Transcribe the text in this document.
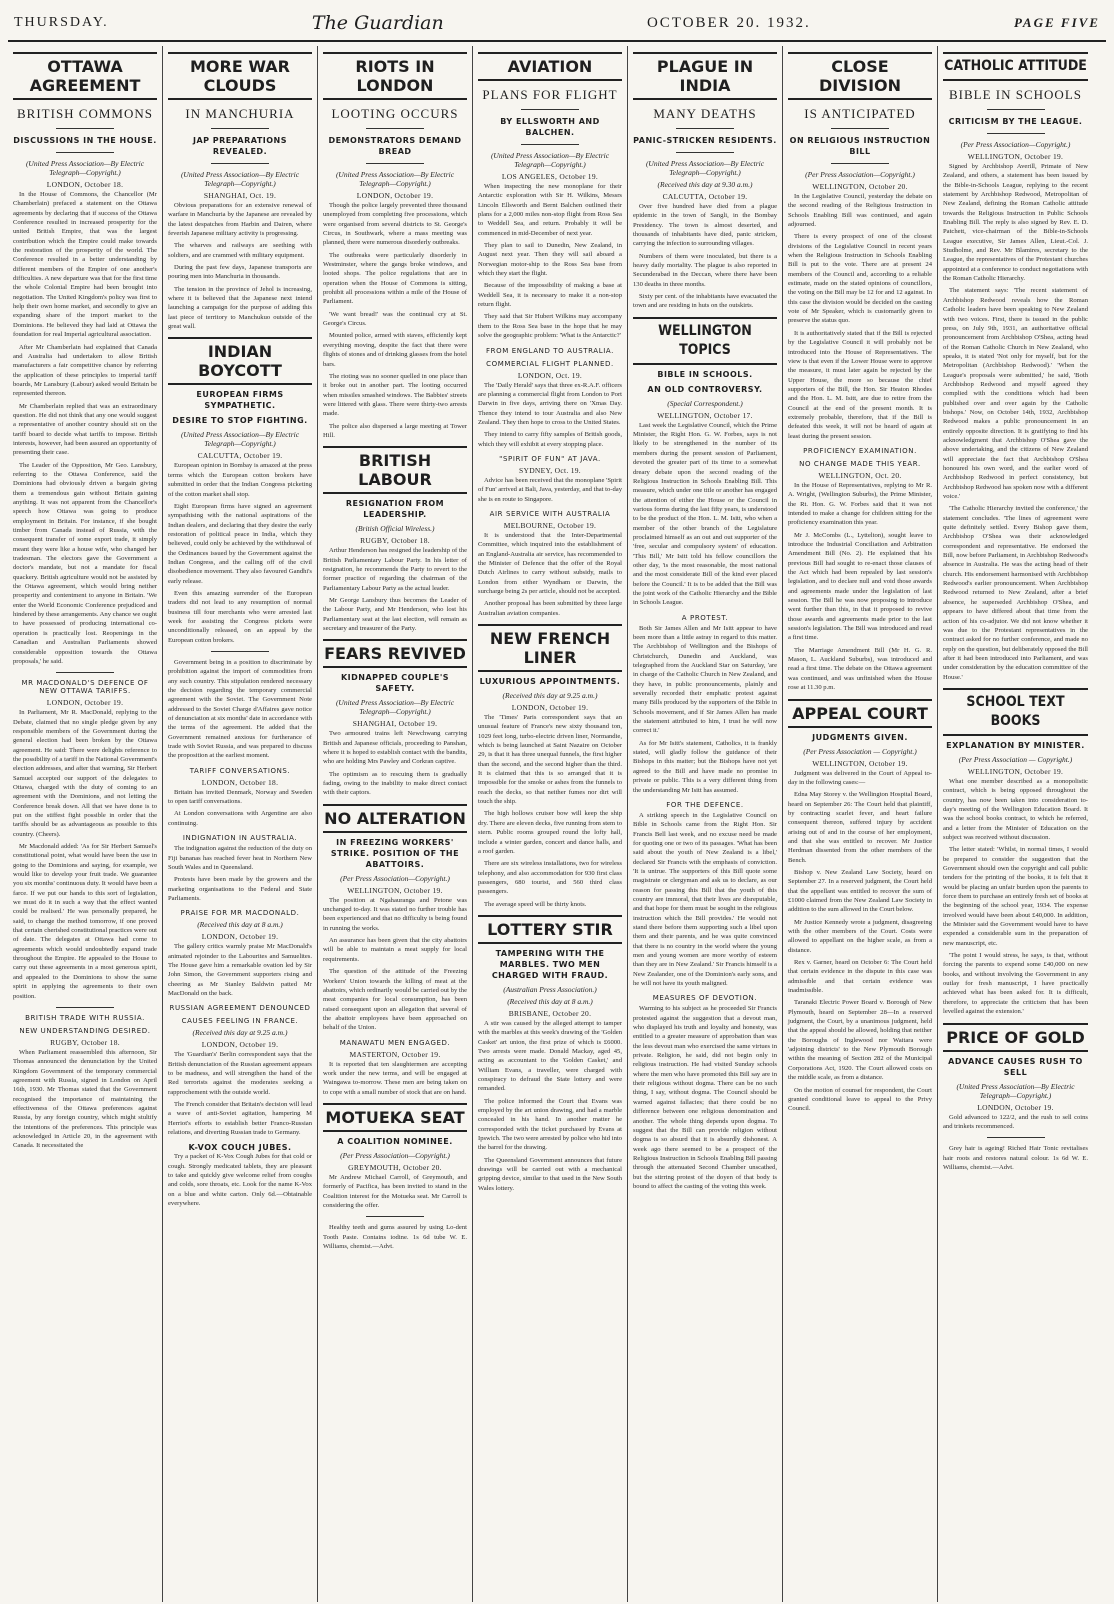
THURSDAY.	The Guardian	OCTOBER 20. 1932.	PAGE FIVE
OTTAWA AGREEMENT
BRITISH COMMONS
DISCUSSIONS IN THE HOUSE.
(United Press Association—By Electric Telegraph—Copyright.)
LONDON, October 18.

In the House of Commons, the Chancellor (Mr Chamberlain) prefaced a statement on the Ottawa agreements by declaring that if success of the Ottawa Conference resulted in increased prosperity for the united British Empire, that was the largest contribution which the Empire could make towards the restoration of the prosperity of the world. The Conference resulted in a better understanding by different members of the Empire of one another's difficulties. A new departure was that for the first time the whole Colonial Empire had been brought into negotiation. The United Kingdom's policy was first to help their own home market, and secondly to give an expanding share of the import market to the Dominions. He believed they had laid at Ottawa the foundation for real Imperial agricultural association.

After Mr Chamberlain had explained that Canada and Australia had undertaken to allow British manufacturers a fair competitive chance by referring the application of these principles to imperial tariff boards, Mr Lansbury (Labour) asked would Britain be represented thereon.

Mr Chamberlain replied that was an extraordinary question. He did not think that any one would suggest a representative of another country should sit on the tariff board to decide what tariffs to impose. British interests, however, had been assured an opportunity of presenting their case.

The Leader of the Opposition, Mr Geo. Lansbury, referring to the Ottawa Conference, said the Dominions had obviously driven a bargain giving them a tremendous gain without Britain gaining anything. It was not apparent from the Chancellor's speech how Ottawa was going to produce employment in Britain. For instance, if she bought timber from Canada instead of Russia, with the consequent transfer of some export trade, it simply meant they were like a house wife, who changed her tradesman. The electors gave the Government a doctor's mandate, but not a mandate for fiscal quackery. British agriculture would not be assisted by the Ottawa agreement, which would bring neither prosperity and contentment to anyone in Britain. 'We enter the World Economic Conference prejudiced and hindered by these arrangements. Any chance we ought to have possessed of producing international co-operation is practically lost. Reopenings in the Canadian and Australian Parliaments showed considerable opposition towards the Ottawa proposals,' he said.

MR MACDONALD'S DEFENCE OF NEW OTTAWA TARIFFS.
LONDON, October 19.

In Parliament, Mr R. MacDonald, replying to the Debate, claimed that no single pledge given by any responsible members of the Government during the general election had been broken by the Ottawa agreement. He said: There were delights reference to the possibility of a tariff in the National Government's election addresses, and after that warning, Sir Herbert Samuel accepted our support of the delegates to Ottawa, charged with the duty of coming to an agreement with the Dominions, and not letting the Conference break down. All that we have done is to put on the stiffest fight possible in order that the tariffs should be as advantageous as possible to this country. (Cheers).

Mr Macdonald added: 'As for Sir Herbert Samuel's constitutional point, what would have been the use in going to the Dominions and saying, for example, we would like to develop your fruit trade. We guarantee you six months' continuous duty. It would have been a farce. If we put our hands to this sort of legislation, we must do it in such a way that the effect wanted could be realised.' He was personally prepared, he said, to change the method tomorrow, if one proved that certain cherished constitutional practices were out of date. The delegates at Ottawa had come to agreements which would undoubtedly expand trade throughout the Empire. He appealed to the House to carry out these agreements in a most generous spirit, and appealed to the Dominions to show the same spirit in applying the agreements to their own position.

BRITISH TRADE WITH RUSSIA.
NEW UNDERSTANDING DESIRED.
RUGBY, October 18.

When Parliament reassembled this afternoon, Sir Thomas announced the denunciation by the United Kingdom Government of the temporary commercial agreement with Russia, signed in London on April 16th, 1930. Mr Thomas stated that the Government recognised the importance of maintaining the effectiveness of the Ottawa preferences against Russia, by any foreign country, which might stultify the intentions of the preferences. This principle was acknowledged in Article 20, in the agreement with Canada. It necessitated the

MORE WAR CLOUDS
IN MANCHURIA
JAP PREPARATIONS REVEALED.
(United Press Association—By Electric Telegraph—Copyright.)
SHANGHAI, Oct. 19.

Obvious preparations for an extensive renewal of warfare in Manchuria by the Japanese are revealed by the latest despatches from Harbin and Dairen, where feverish Japanese military activity is progressing.

The wharves and railways are seething with soldiers, and are crammed with military equipment.

During the past few days, Japanese transports are pouring men into Manchuria in thousands.

The tension in the province of Jehol is increasing, where it is believed that the Japanese next intend launching a campaign for the purpose of adding this last piece of territory to Manchukuo outside of the great wall.

INDIAN BOYCOTT
EUROPEAN FIRMS SYMPATHETIC.
DESIRE TO STOP FIGHTING.
(United Press Association—By Electric Telegraph—Copyright.)
CALCUTTA, October 19.

European opinion in Bombay is amazed at the press terms which the European cotton brokers have submitted in order that the Indian Congress picketing of the cotton market shall stop.

Eight European firms have signed an agreement sympathising with the national aspirations of the Indian dealers, and declaring that they desire the early restoration of political peace in India, which they believed, could only be achieved by the withdrawal of the Ordinances issued by the Government against the Indian Congress, and the calling off of the civil disobedience movement. They also favoured Gandhi's early release.

Even this amazing surrender of the European traders did not lead to any resumption of normal business till four merchants who were arrested last week for assisting the Congress pickets were unconditionally released, on an appeal by the European cotton brokers.

Government being in a position to discriminate by prohibition against the import of commodities from any such country. This stipulation rendered necessary the decision regarding the temporary commercial agreement with the Soviet. The Government Note addressed to the Soviet Charge d'Affaires gave notice of denunciation at six months' date in accordance with the terms of the agreement. He added that the Government remained anxious for furtherance of trade with Soviet Russia, and was prepared to discuss the proposition at the earliest moment.

TARIFF CONVERSATIONS.
LONDON, October 18.

Britain has invited Denmark, Norway and Sweden to open tariff conversations.

At London conversations with Argentine are also continuing.

INDIGNATION IN AUSTRALIA.

The indignation against the reduction of the duty on Fiji bananas has reached fever heat in Northern New South Wales and in Queensland.

Protests have been made by the growers and the marketing organisations to the Federal and State Parliaments.

PRAISE FOR MR MACDONALD.
(Received this day at 8 a.m.)
LONDON, October 19.

The gallery critics warmly praise Mr MacDonald's animated rejoinder to the Labourites and Samuelites. The House gave him a remarkable ovation led by Sir John Simon, the Government supporters rising and cheering as Mr Stanley Baldwin patted Mr MacDonald on the back.

RUSSIAN AGREEMENT DENOUNCED
CAUSES FEELING IN FRANCE.
(Received this day at 9.25 a.m.)
LONDON, October 19.

The 'Guardian's' Berlin correspondent says that the British denunciation of the Russian agreement appears to be madness, and will strengthen the hand of the Red terrorists against the moderates seeking a rapprochement with the outside world.

The French consider that Britain's decision will lead a wave of anti-Soviet agitation, hampering M Herriot's efforts to establish better Franco-Russian relations, and diverting Russian trade to Germany.

K-VOX COUCH JUBES.

Try a packet of K-Vox Cough Jubes for that cold or cough. Strongly medicated tablets, they are pleasant to take and quickly give welcome relief from coughs and colds, sore throats, etc. Look for the name K-Vox on a blue and white carton. Only 6d.—Obtainable everywhere.

RIOTS IN LONDON
LOOTING OCCURS
DEMONSTRATORS DEMAND BREAD
(United Press Association—By Electric Telegraph—Copyright.)
LONDON, October 19.

Though the police largely prevented three thousand unemployed from completing five processions, which were organised from several districts to St. George's Circus, in Southwark, where a mass meeting was planned, there were numerous disorderly outbreaks.

The outbreaks were particularly disorderly in Westminster, where the gangs broke windows, and looted shops. The police regulations that are in operation when the House of Commons is sitting, prohibit all processions within a mile of the House of Parliament.

'We want bread!' was the continual cry at St. George's Circus.

Mounted police, armed with staves, efficiently kept everything moving, despite the fact that there were flights of stones and of drinking glasses from the hotel bars.

The rioting was no sooner quelled in one place than it broke out in another part. The looting occurred when missiles smashed windows. The Babbies' streets were littered with glass. There were thirty-two arrests made.

The police also dispersed a large meeting at Tower Hill.

BRITISH LABOUR
RESIGNATION FROM LEADERSHIP.
(British Official Wireless.)
RUGBY, October 18.

Arthur Henderson has resigned the leadership of the British Parliamentary Labour Party. In his letter of resignation, he recommends the Party to revert to the former practice of regarding the chairman of the Parliamentary Labour Party as the actual leader.

Mr George Lansbury thus becomes the Leader of the Labour Party, and Mr Henderson, who lost his Parliamentary seat at the last election, will remain as secretary and treasurer of the Party.

FEARS REVIVED
KIDNAPPED COUPLE'S SAFETY.
(United Press Association—By Electric Telegraph—Copyright.)
SHANGHAI, October 19.

Two armoured trains left Newchwang carrying British and Japanese officials, proceeding to Panshan, where it is hoped to establish contact with the bandits, who are holding Mrs Pawley and Corkran captive.

The optimism as to rescuing them is gradually fading, owing to the inability to make direct contact with their captors.

NO ALTERATION
IN FREEZING WORKERS' STRIKE. POSITION OF THE ABATTOIRS.
(Per Press Association—Copyright.)
WELLINGTON, October 19.

The position at Ngahauranga and Petone was unchanged to-day. It was stated no further trouble has been experienced and that no difficulty is being found in running the works.

An assurance has been given that the city abattoirs will be able to maintain a meat supply for local requirements.

The question of the attitude of the Freezing Workers' Union towards the killing of meat at the abattoirs, which ordinarily would be carried out by the meat companies for local consumption, has been raised consequent upon an allegation that several of the abattoir employees have been approached on behalf of the Union.

MANAWATU MEN ENGAGED.
MASTERTON, October 19.

It is reported that ten slaughtermen are accepting work under the new terms, and will be engaged at Waingawa to-morrow. These men are being taken on to cope with a small number of stock that are on hand.

MOTUEKA SEAT
A COALITION NOMINEE.
(Per Press Association—Copyright.)
GREYMOUTH, October 20.

Mr Andrew Michael Carroll, of Greymouth, and formerly of Pacifica, has been invited to stand in the Coalition interest for the Motueka seat. Mr Carroll is considering the offer.

Healthy teeth and gums assured by using Lo-dent Tooth Paste. Contains iodine. 1s 6d tube W. E. Williams, chemist.—Advt.

AVIATION
PLANS FOR FLIGHT
BY ELLSWORTH AND BALCHEN.
(United Press Association—By Electric Telegraph—Copyright.)
LOS ANGELES, October 19.

When inspecting the new monoplane for their Antarctic exploration with Sir H. Wilkins, Messrs Lincoln Ellsworth and Bernt Balchen outlined their plans for a 2,000 miles non-stop flight from Ross Sea to Weddell Sea, and return. Probably it will be commenced in mid-December of next year.

They plan to sail to Dunedin, New Zealand, in August next year. Then they will sail aboard a Norwegian motor-ship to the Ross Sea base from which they start the flight.

Because of the impossibility of making a base at Weddell Sea, it is necessary to make it a non-stop return flight.

They said that Sir Hubert Wilkins may accompany them to the Ross Sea base in the hope that he may solve the geographic problem: 'What is the Antarctic?'

FROM ENGLAND TO AUSTRALIA.
COMMERCIAL FLIGHT PLANNED.
LONDON, Oct. 19.

The 'Daily Herald' says that three ex-R.A.F. officers are planning a commercial flight from London to Port Darwin in five days, arriving there on 'Xmas Day. Thence they intend to tour Australia and also New Zealand. They then hope to cross to the United States.

They intend to carry fifty samples of British goods, which they will exhibit at every stopping place.

"SPIRIT OF FUN" AT JAVA.
SYDNEY, Oct. 19.

Advice has been received that the monoplane 'Spirit of Fun' arrived at Bali, Java, yesterday, and that to-day she is en route to Singapore.

AIR SERVICE WITH AUSTRALIA
MELBOURNE, October 19.

It is understood that the Inter-Departmental Committee, which inquired into the establishment of an England-Australia air service, has recommended to the Minister of Defence that the offer of the Royal Dutch Airlines to carry without subsidy, mails to London from either Wyndham or Darwin, the surcharge being 2s per article, should not be accepted.

Another proposal has been submitted by three large Australian aviation companies.

NEW FRENCH LINER
LUXURIOUS APPOINTMENTS.
(Received this day at 9.25 a.m.)
LONDON, October 19.

The 'Times' Paris correspondent says that an unusual feature of France's new sixty thousand ton, 1029 feet long, turbo-electric driven liner, Normandie, which is being launched at Saint Nazaire on October 29, is that it has three unequal funnels, the first higher than the second, and the second higher than the third. It is claimed that this is so arranged that it is impossible for the smoke or ashes from the funnels to reach the decks, so that neither fumes nor dirt will touch the ship.

The high hollows cruiser bow will keep the ship dry. There are eleven decks, five running from stem to stern. Public rooms grouped round the lofty hall, include a winter garden, concert and dance halls, and a roof garden.

There are six wireless installations, two for wireless telephony, and also accommodation for 930 first class passengers, 680 tourist, and 560 third class passengers.

The average speed will be thirty knots.

LOTTERY STIR
TAMPERING WITH THE MARBLES. TWO MEN CHARGED WITH FRAUD.
(Australian Press Association.)
(Received this day at 8 a.m.)
BRISBANE, October 20.

A stir was caused by the alleged attempt to tamper with the marbles at this week's drawing of the 'Golden Casket' art union, the first prize of which is £6000. Two arrests were made. Donald Mackay, aged 45, acting as accountant to the 'Golden Casket,' and William Evans, a traveller, were charged with conspiracy to defraud the State lottery and were remanded.

The police informed the Court that Evans was employed by the art union drawing, and had a marble concealed in his hand. In another matter he corresponded with the ticket purchased by Evans at Ipswich. The two were arrested by police who hid into the barrel for the drawing.

The Queensland Government announces that future drawings will be carried out with a mechanical gripping device, similar to that used in the New South Wales lottery.

PLAGUE IN INDIA
MANY DEATHS
PANIC-STRICKEN RESIDENTS.
(United Press Association—By Electric Telegraph—Copyright.)
(Received this day at 9.30 a.m.)
CALCUTTA, October 19.

Over five hundred have died from a plague epidemic in the town of Sangli, in the Bombay Presidency. The town is almost deserted, and thousands of inhabitants have died, panic stricken, carrying the infection to surrounding villages.

Numbers of them were inoculated, but there is a heavy daily mortality. The plague is also reported in Secunderabad in the Deccan, where there have been 130 deaths in three months.

Sixty per cent. of the inhabitants have evacuated the town and are residing in huts on the outskirts.

WELLINGTON TOPICS
BIBLE IN SCHOOLS.
AN OLD CONTROVERSY.
(Special Correspondent.)
WELLINGTON, October 17.

Last week the Legislative Council, which the Prime Minister, the Right Hon. G. W. Forbes, says is not likely to be strengthened in the number of its members during the present session of Parliament, devoted the greater part of its time to a somewhat dreary debate upon the second reading of the Religious Instruction in Schools Enabling Bill. This measure, which under one title or another has engaged the attention of either the House or the Council in various forms during the last fifty years, is understood to be the product of the Hon. L. M. Isitt, who when a member of the other branch of the Legislature proclaimed himself as an out and out supporter of the 'free, secular and compulsory system' of education. 'This Bill,' Mr Isitt told his fellow councillors the other day, 'is the most reasonable, the most national and the most considerate Bill of the kind ever placed before the Council.' It is to be added that the Bill was the joint work of the Catholic Hierarchy and the Bible in Schools League.

A PROTEST.

Both Sir James Allen and Mr Isitt appear to have been more than a little astray in regard to this matter. The Archbishop of Wellington and the Bishops of Christchurch, Dunedin and Auckland, was telegraphed from the Auckland Star on Saturday, 'are in charge of the Catholic Church in New Zealand, and they have, in public pronouncements, plainly and severally recorded their emphatic protest against many Bills produced by the supporters of the Bible in Schools movement, and if Sir James Allen has made the statement attributed to him, I trust he will now correct it.'

As for Mr Isitt's statement, Catholics, it is frankly stated, will gladly follow the guidance of their Bishops in this matter; but the Bishops have not yet agreed to the Bill and have made no promise in private or public. This is a very different thing from the understanding Mr Isitt has assumed.

FOR THE DEFENCE.

A striking speech in the Legislative Council on Bible in Schools came from the Right Hon. Sir Francis Bell last week, and no excuse need be made for quoting one or two of its passages. 'What has been said about the youth of New Zealand is a libel,' declared Sir Francis with the emphasis of conviction. 'It is untrue. The supporters of this Bill quote some magistrate or clergyman and ask us to declare, as our reason for passing this Bill that the youth of this country are immoral, that their lives are disreputable, and that hope for them must be sought in the religious instruction which the Bill provides.' He would not stand there before them supporting such a libel upon them and their parents, and he was quite convinced that there is no country in the world where the young men and young women are more worthy of esteem than they are in New Zealand.' Sir Francis himself is a New Zealander, one of the Dominion's early sons, and he will not have its youth maligned.

MEASURES OF DEVOTION.

Warming to his subject as he proceeded Sir Francis protested against the suggestion that a devout man, who displayed his truth and loyalty and honesty, was entitled to a greater measure of approbation than was the less devout man who exercised the same virtues in private. Religion, he said, did not begin only in religious instruction. He had visited Sunday schools where the men who have promoted this Bill say are in their religious without dogma. There can be no such thing, I say, without dogma. The Council should be warned against fallacies; that there could be no difference between one religious denomination and another. The whole thing depends upon dogma. To suggest that the Bill can provide religion without dogma is so absurd that it is absurdly dishonest. A week ago there seemed to be a prospect of the Religious Instruction in Schools Enabling Bill passing through the attenuated Second Chamber unscathed, but the stirring protest of the doyen of that body is bound to affect the casting of the voting this week.

CLOSE DIVISION
IS ANTICIPATED
ON RELIGIOUS INSTRUCTION BILL
(Per Press Association—Copyright.)
WELLINGTON, October 20.

In the Legislative Council, yesterday the debate on the second reading of the Religious Instruction in Schools Enabling Bill was continued, and again adjourned.

There is every prospect of one of the closest divisions of the Legislative Council in recent years when the Religious Instruction in Schools Enabling Bill is put to the vote. There are at present 24 members of the Council and, according to a reliable estimate, made on the stated opinions of councillors, the voting on the Bill may be 12 for and 12 against. In this case the division would be decided on the casting vote of Mr Speaker, which is customarily given to preserve the status quo.

It is authoritatively stated that if the Bill is rejected by the Legislative Council it will probably not be introduced into the House of Representatives. The view is that even if the Lower House were to approve the measure, it must later again be rejected by the Upper House, the more so because the chief supporters of the Bill, the Hon. Sir Heaton Rhodes and the Hon. L. M. Isitt, are due to retire from the Council at the end of the present month. It is extremely probable, therefore, that if the Bill is defeated this week, it will not be heard of again at least during the present session.

PROFICIENCY EXAMINATION.
NO CHANGE MADE THIS YEAR.
WELLINGTON, Oct. 20.

In the House of Representatives, replying to Mr R. A. Wright, (Wellington Suburbs), the Prime Minister, the Rt. Hon. G. W. Forbes said that it was not intended to make a change for children sitting for the proficiency examination this year.

Mr J. McCombs (L., Lyttelton), sought leave to introduce the Industrial Conciliation and Arbitration Amendment Bill (No. 2). He explained that his previous Bill had sought to re-enact those clauses of the Act which had been repealed by last session's legislation, and to declare null and void those awards and agreements made under the legislation of last session. The Bill he was now proposing to introduce went further than this, in that it proposed to revive those awards and agreements made prior to the last session's legislation. The Bill was introduced and read a first time.

The Marriage Amendment Bill (Mr H. G. R. Mason, L. Auckland Suburbs), was introduced and read a first time. The debate on the Ottawa agreement was continued, and was unfinished when the House rose at 11.30 p.m.

APPEAL COURT
JUDGMENTS GIVEN.
(Per Press Association — Copyright.)
WELLINGTON, October 19.

Judgment was delivered in the Court of Appeal to-day in the following cases:—

Edna May Storey v. the Wellington Hospital Board, heard on September 26: The Court held that plaintiff, by contracting scarlet fever, and heart failure consequent thereon, suffered injury by accident arising out of and in the course of her employment, and that she was entitled to recover. Mr Justice Herdman dissented from the other members of the Bench.

Bishop v. New Zealand Law Society, heard on September 27. In a reserved judgment, the Court held that the appellant was entitled to recover the sum of £1000 claimed from the New Zealand Law Society in addition to the sum allowed in the Court below.

Mr Justice Kennedy wrote a judgment, disagreeing with the other members of the Court. Costs were allowed to appellant on the higher scale, as from a distance.

Rex v. Garner, heard on October 6: The Court held that certain evidence in the dispute in this case was admissible and that certain evidence was inadmissible.

Taranaki Electric Power Board v. Borough of New Plymouth, heard on September 28—In a reserved judgment, the Court, by a unanimous judgment, held that the appeal should be allowed, holding that neither the Boroughs of Inglewood nor Waitara were 'adjoining districts' to the New Plymouth Borough within the meaning of Section 282 of the Municipal Corporations Act, 1920. The Court allowed costs on the middle scale, as from a distance.

On the motion of counsel for respondent, the Court granted conditional leave to appeal to the Privy Council.

CATHOLIC ATTITUDE
BIBLE IN SCHOOLS
CRITICISM BY THE LEAGUE.
(Per Press Association—Copyright.)
WELLINGTON, October 19.

Signed by Archbishop Averill, Primate of New Zealand, and others, a statement has been issued by the Bible-in-Schools League, replying to the recent statement by Archbishop Redwood, Metropolitan of New Zealand, defining the Roman Catholic attitude towards the Religious Instruction in Public Schools Enabling Bill. The reply is also signed by Rev. E. D. Patchett, vice-chairman of the Bible-in-Schools League executive, Sir James Allen, Lieut.-Col. J. Studholme, and Rev. Mr Blamires, secretary to the League, the representatives of the Protestant churches appointed at a conference to conduct negotiations with the Roman Catholic Hierarchy.

The statement says: 'The recent statement of Archbishop Redwood reveals how the Roman Catholic leaders have been speaking to New Zealand with two voices. First, there is issued in the public press, on July 9th, 1931, an authoritative official pronouncement from Archbishop O'Shea, acting head of the Roman Catholic Church in New Zealand, who speaks, it is stated 'Not only for myself, but for the Metropolitan (Archbishop Redwood).' 'When the League's proposals were submitted,' he said, 'Both Archbishop Redwood and myself agreed they complied with the conditions which had been published over and over again by the Catholic bishops.' Now, on October 14th, 1932, Archbishop Redwood makes a public pronouncement in an entirely opposite direction. It is gratifying to find his acknowledgment that Archbishop O'Shea gave the above undertaking, and the citizens of New Zealand will appreciate the fact that Archbishop O'Shea honoured his own word, and the earlier word of Archbishop Redwood in perfect consistency, but Archbishop Redwood has spoken now with a different voice.'

'The Catholic Hierarchy invited the conference,' the statement concludes. 'The lines of agreement were quite definitely settled. Every Bishop gave them, Archbishop O'Shea was their acknowledged correspondent and representative. He endorsed the Bill, now before Parliament, in Archbishop Redwood's absence in Australia. He was the acting head of their church. His endorsement harmonised with Archbishop Redwood's earlier pronouncement. When Archbishop Redwood returned to New Zealand, after a brief absence, he superseded Archbishop O'Shea, and appears to have differed about that time from the action of his co-adjutor. We did not know whether it was due to the Protestant representatives in the contract asked for no further conference, and made no reply on the question, but deliberately opposed the Bill after it had been introduced into Parliament, and was under consideration by the education committee of the House.'

SCHOOL TEXT BOOKS
EXPLANATION BY MINISTER.
(Per Press Association — Copyright.)
WELLINGTON, October 19.

What one member described as a monopolistic contract, which is being opposed throughout the country, has now been taken into consideration to-day's meeting of the Wellington Education Board. It was the school books contract, to which he referred, and a letter from the Minister of Education on the subject was received without discussion.

The letter stated: 'Whilst, in normal times, I would be prepared to consider the suggestion that the Government should own the copyright and call public tenders for the printing of the books, it is felt that it would be placing an unfair burden upon the parents to force them to purchase an entirely fresh set of books at the beginning of the school year, 1934. The expense involved would have been about £40,000. In addition, the Minister said the Government would have to have expended a considerable sum in the preparation of new manuscript, etc.

'The point I would stress, he says, is that, without forcing the parents to expend some £40,000 on new books, and without involving the Government in any outlay for fresh manuscript, I have practically achieved what has been asked for. It is difficult, therefore, to appreciate the criticism that has been levelled against the extension.'

PRICE OF GOLD
ADVANCE CAUSES RUSH TO SELL
(United Press Association—By Electric Telegraph—Copyright.)
LONDON, October 19.

Gold advanced to 122/2, and the rush to sell coins and trinkets recommenced.

Grey hair is ageing! Riched Hair Tonic revitalises hair roots and restores natural colour. 1s 6d W. E. Williams, chemist.—Advt.
